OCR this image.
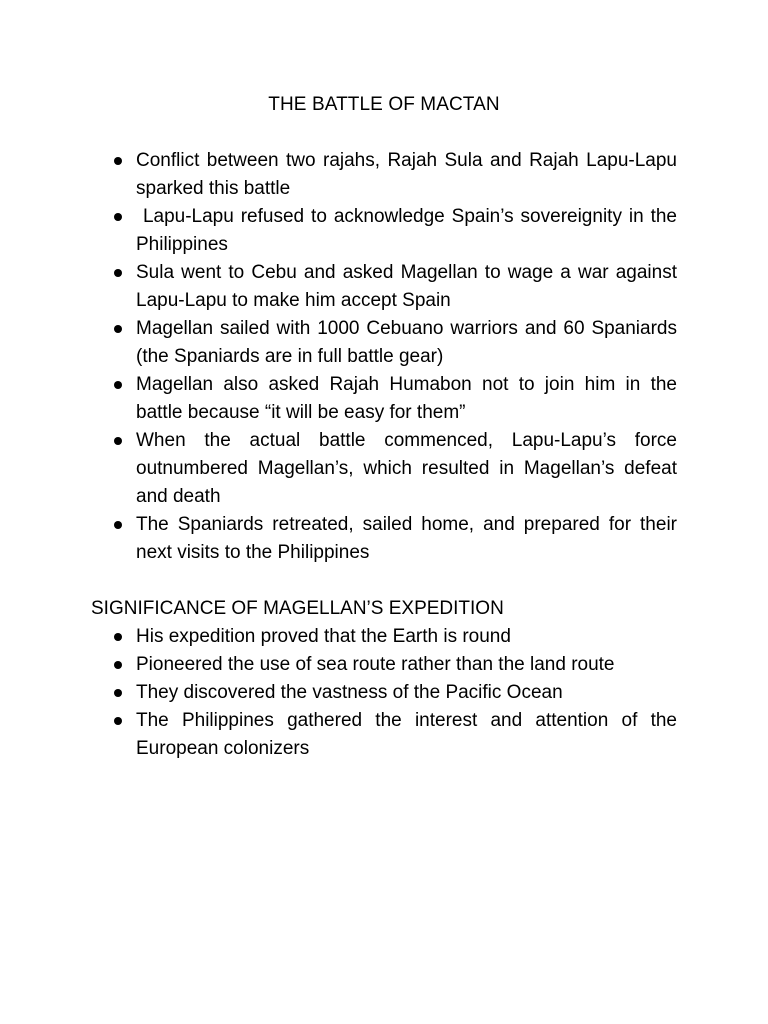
THE BATTLE OF MACTAN
Conflict between two rajahs, Rajah Sula and Rajah Lapu-Lapu sparked this battle
Lapu-Lapu refused to acknowledge Spain’s sovereignity in the Philippines
Sula went to Cebu and asked Magellan to wage a war against Lapu-Lapu to make him accept Spain
Magellan sailed with 1000 Cebuano warriors and 60 Spaniards (the Spaniards are in full battle gear)
Magellan also asked Rajah Humabon not to join him in the battle because “it will be easy for them”
When the actual battle commenced, Lapu-Lapu’s force outnumbered Magellan’s, which resulted in Magellan’s defeat and death
The Spaniards retreated, sailed home, and prepared for their next visits to the Philippines
SIGNIFICANCE OF MAGELLAN’S EXPEDITION
His expedition proved that the Earth is round
Pioneered the use of sea route rather than the land route
They discovered the vastness of the Pacific Ocean
The Philippines gathered the interest and attention of the European colonizers
